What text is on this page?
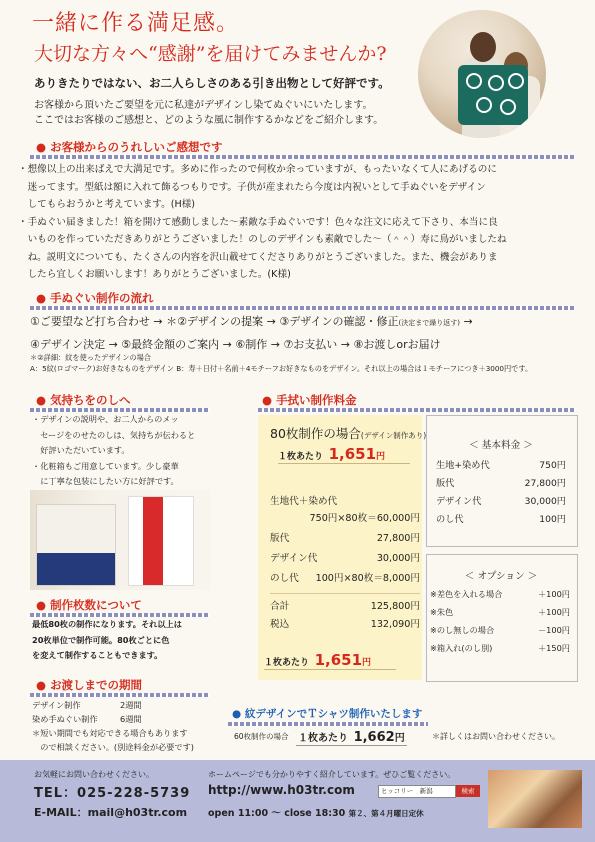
一緒に作る満足感。
大切な方々へ“感謝”を届けてみませんか?
ありきたりではない、お二人らしさのある引き出物として好評です。
お客様から頂いたご要望を元に私達がデザインし染てぬぐいにいたします。
ここではお客様のご感想と、どのような風に制作するかなどをご紹介します。
● お客様からのうれしいご感想です
・想像以上の出来ばえで大満足です。多めに作ったので何枚か余っていますが、もったいなくて人にあげるのに
　迷ってます。型紙は額に入れて飾るつもりです。子供が産まれたら今度は内祝いとして手ぬぐいをデザイン
　してもらおうかと考えています。(H様)
・手ぬぐい届きました！箱を開けて感動しました〜素敵な手ぬぐいです！色々な注文に応えて下さり、本当に良
　いものを作っていただきありがとうございました！のしのデザインも素敵でした〜（＾＾）寿に鳥がいましたね
　ね。説明文についても、たくさんの内容を沢山載せてくださりありがとうございました。また、機会がありま
　したら宜しくお願いします！ありがとうございました。(K様)
● 手ぬぐい制作の流れ
①ご要望など打ち合わせ → ＊②デザインの提案 → ③デザインの確認・修正(決定まで繰り返す) →
④デザイン決定 → ⑤最終金額のご案内 → ⑥制作 → ⑦お支払い → ⑧お渡しorお届け
＊②詳細：紋を使ったデザインの場合
A：5紋(ロゴマーク)お好きなものをデザイン B：寿＋日付＋名前＋4モチーフお好きなものをデザイン。それ以上の場合は１モチーフにつき＋3000円です。
● 気持ちをのしへ
・デザインの説明や、お二人からのメッ
　セージをのせたのしは、気持ちが伝わると
　好評いただいています。
・化粧箱もご用意しています。少し豪華
　に丁寧な包装にしたい方に好評です。
● 制作枚数について
最低80枚の制作になります。それ以上は
20枚単位で制作可能。80枚ごとに色
を変えて制作することもできます。
● お渡しまでの期間
デザイン制作	2週間
染め手ぬぐい制作	6週間
＊短い期間でも対応できる場合もあります
　ので相談ください。(別途料金が必要です)
● 手拭い制作料金
80枚制作の場合(デザイン制作あり)
１枚あたり 1,651円
生地代＋染め代
750円×80枚＝60,000円
版代	27,800円
デザイン代	30,000円
のし代 100円×80枚＝8,000円
合計	125,800円
税込	132,090円
１枚あたり 1,651円
＜ 基本料金 ＞
生地+染め代	750円
版代	27,800円
デザイン代	30,000円
のし代	100円
＜ オプション ＞
※差色を入れる場合	＋100円
※朱色	＋100円
※のし無しの場合	－100円
※箱入れ(のし別)	＋150円
● 紋デザインでＴシャツ制作いたします
60枚制作の場合 １枚あたり 1,662円	＊詳しくはお問い合わせください。
お気軽にお問い合わせください。
TEL：025-228-5739
E-MAIL：mail@h03tr.com
ホームページでも分かりやすく紹介しています。ぜひご覧ください。
http://www.h03tr.com	ヒッコリー　新潟	検索
open 11:00 〜 close 18:30 第２、第４月曜日定休
